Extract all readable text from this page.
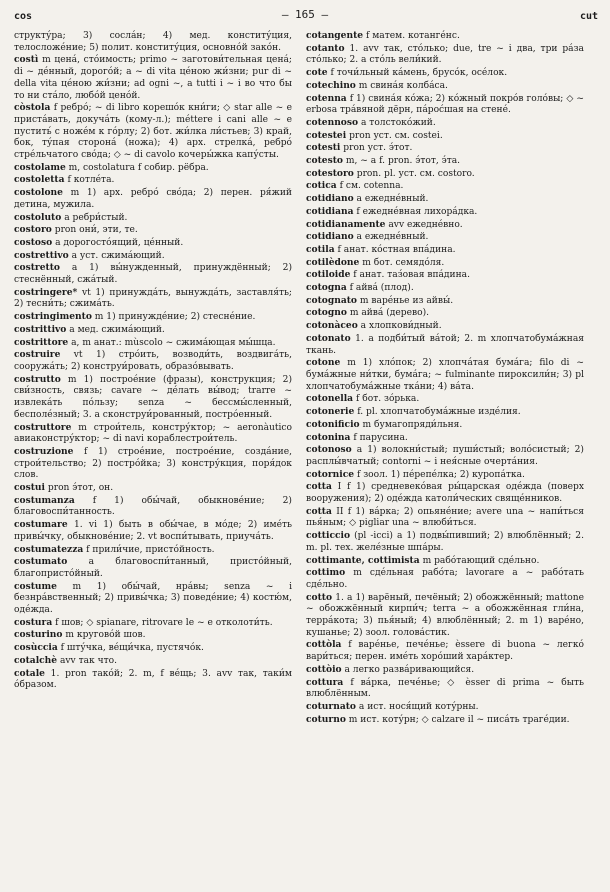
cos	— 165 —	cut

структу́ра; 3) сосла́н; 4) мед. конститу́ция, телосложе́ние; 5) полит. конститу́ция, основно́й зако́н.

costì m цена́, сто́имость; primo ~ заготови́тельная цена́; di ~ де́нный, дорого́й; a ~ di vita це́ною жи́зни; pur di ~ della vita це́ною жи́зни; ad ogni ~, a tutti i ~ i во что бы то ни ста́ло, любо́й цено́й.

còstola f ребро́; ~ di libro корешо́к кни́ги; ◇ star alle ~ e приста́вать, докуча́ть (кому-л.); méttere i cani alle ~ e пустить́ с ноже́м к го́рлу; 2) бот. жи́лка ли́стьев; 3) край, бок, ту́пая сторона́ (ножа); 4) арх. стрелка́, ребро́ стре́льчатого сво́да; ◇ ~ di cavolo кочеры́жка капу́сты.

costolame m, costolatura f собир. рёбра.

costoletta f котле́та.

costolone m 1) арх. ребро́ сво́да; 2) перен. ря́жий детина, мужила.

costoluto a ребри́стый.

costoro pron они́, эти, те.

costoso a дорогосто́ящий, це́нный.

costrettivo a уст. сжима́ющий.

costretto a 1) вы́нужденный, принуждённый; 2) стеснённый, сжа́тый.

costringere* vt 1) принужда́ть, вынужда́ть, заставля́ть; 2) тесни́ть; сжима́ть.

costringimento m 1) принужде́ние; 2) стесне́ние.

costrittivo a мед. сжима́ющий.

costrittore a, m анат.: mùscolo ~ сжима́ющая мы́шца.

costruire vt 1) стро́ить, возводи́ть, воздвига́ть, сооружа́ть; 2) конструи́ровать, образо́вывать.

costrutto m 1) построе́ние (фразы), конструкция; 2) сви́зность, связь; cavare ~ де́лать вы́вод; trarre ~ извлека́ть по́льзу; senza ~ бессмы́сленный, бесполе́зный; 3. a сконструи́рованный, постро́енный.

costruttore m строи́тель, констру́ктор; ~ aeronàutico авиаконстру́ктор; ~ di navi кораблестрои́тель.

costruzione f 1) строе́ние, построе́ние, созда́ние, строи́тельство; 2) постро́йка; 3) констру́кция, поря́док слов.

costui pron э́тот, он.

costumanza f 1) обы́чай, обыкнове́ние; 2) благовоспи́танность.

costumare 1. vi 1) быть в обы́чае, в мо́де; 2) име́ть привы́чку, обыкнове́ние; 2. vt воспи́тывать, приуча́ть.

costumatezza f прили́чие, присто́йность.

costumato a благовоспи́танный, присто́йный, благопристо́йный.

costume m 1) обы́чай, нра́вы; senza ~ i безнра́вственный; 2) привы́чка; 3) поведе́ние; 4) костю́м, оде́жда.

costura f шов; ◇ spianare, ritrovare le ~ e отколоти́ть.

costurino m кругово́й шов.

cosùccia f шту́чка, ве́щи́чка, пустячо́к.

cotalchè avv так что.

cotale 1. pron тако́й; 2. m, f ве́щь; 3. avv так, таки́м о́бразом.

cotangente f матем. котанге́нс.

cotanto 1. avv так, сто́лько; due, tre ~ i два, три ра́за сто́лько; 2. a сто́ль вели́кий.

cote f точи́льный ка́мень, брусо́к, осе́лок.

cotechino m свина́я колба́са.

cotenna f 1) свина́я ко́жа; 2) ко́жный покро́в голо́вы; ◇ ~ erbosa тра́вяной дёрн, па́рос́шая на стене́.

cotennoso a толстоко́жий.

cotestei pron уст. см. costei.

cotesti pron уст. э́тот.

cotesto m, ~ a f. pron. э́тот, э́та.

cotestoro pron. pl. уст. см. costoro.

cotica f см. cotenna.

cotidiano a ежедне́вный.

cotidiana f ежедне́вная лихора́дка.

cotidianamente avv ежедне́вно.

cotidiano a ежедне́вный.

cotila f анат. ко́стная впа́дина.

cotilèdone m бот. семядо́ля.

cotiloide f анат. таз́овая впа́дина.

cotogna f айва́ (плод).

cotognato m варе́нье из айвы́.

cotogno m айва́ (дерево).

cotonàceo a хлопкови́дный.

cotonato 1. a подби́тый ва́той; 2. m хлопчатобума́жная ткань.

cotone m 1) хло́пок; 2) хлопча́тая бума́га; filo di ~ бума́жные ни́тки, бума́га; ~ fulminante пироксили́н; 3) pl хлопчатобума́жные тка́ни; 4) ва́та.

cotonella f бот. зо́рька.

cotonerie f. pl. хлопчатобума́жные изде́лия.

cotonificio m бумагопряди́льня.

cotonina f парусина.

cotonoso a 1) волокни́стый; пуши́стый; воло́систый; 2) расплы́вчатый; contorni ~ i нея́сные очерта́ния.

cotornice f зоол. 1) пе́репе́лка; 2) куропа́тка.

cotta I f 1) средневеко́вая ры́царская оде́жда (поверх вооружения); 2) оде́жда католи́ческих свяще́нников.

cotta II f 1) ва́рка; 2) опьяне́ние; avere una ~ напи́ться пья́ным; ◇ pigliar una ~ влюби́ться.

cotticcio (pl -icci) a 1) подвы́пивший; 2) влюблённый; 2. m. pl. тех. желе́зные шпа́ры.

cottimante, cottimista m рабо́тающий сде́льно.

cottimo m сде́льная рабо́та; lavorare a ~ рабо́тать сде́льно.

cotto 1. a 1) варёный, печёный; 2) обожжённый; mattone ~ обожжённый кирпи́ч; terra ~ a обожжённая гли́на, терра́кота; 3) пья́ный; 4) влюблённый; 2. m 1) варе́но, кушанье; 2) зоол. голова́стик.

cottòla f варе́нье, пече́нье; èssere di buona ~ легко́ вари́ться; перен. име́ть хоро́ший хара́ктер.

cottòio a легко разва́ривающийся.

cottura f ва́рка, пече́нье; ◇ èsser di prima ~ быть влюблённым.

coturnato a ист. нося́щий коту́рны.

coturno m ист. коту́рн; ◇ calzare il ~ писа́ть траге́дии.
